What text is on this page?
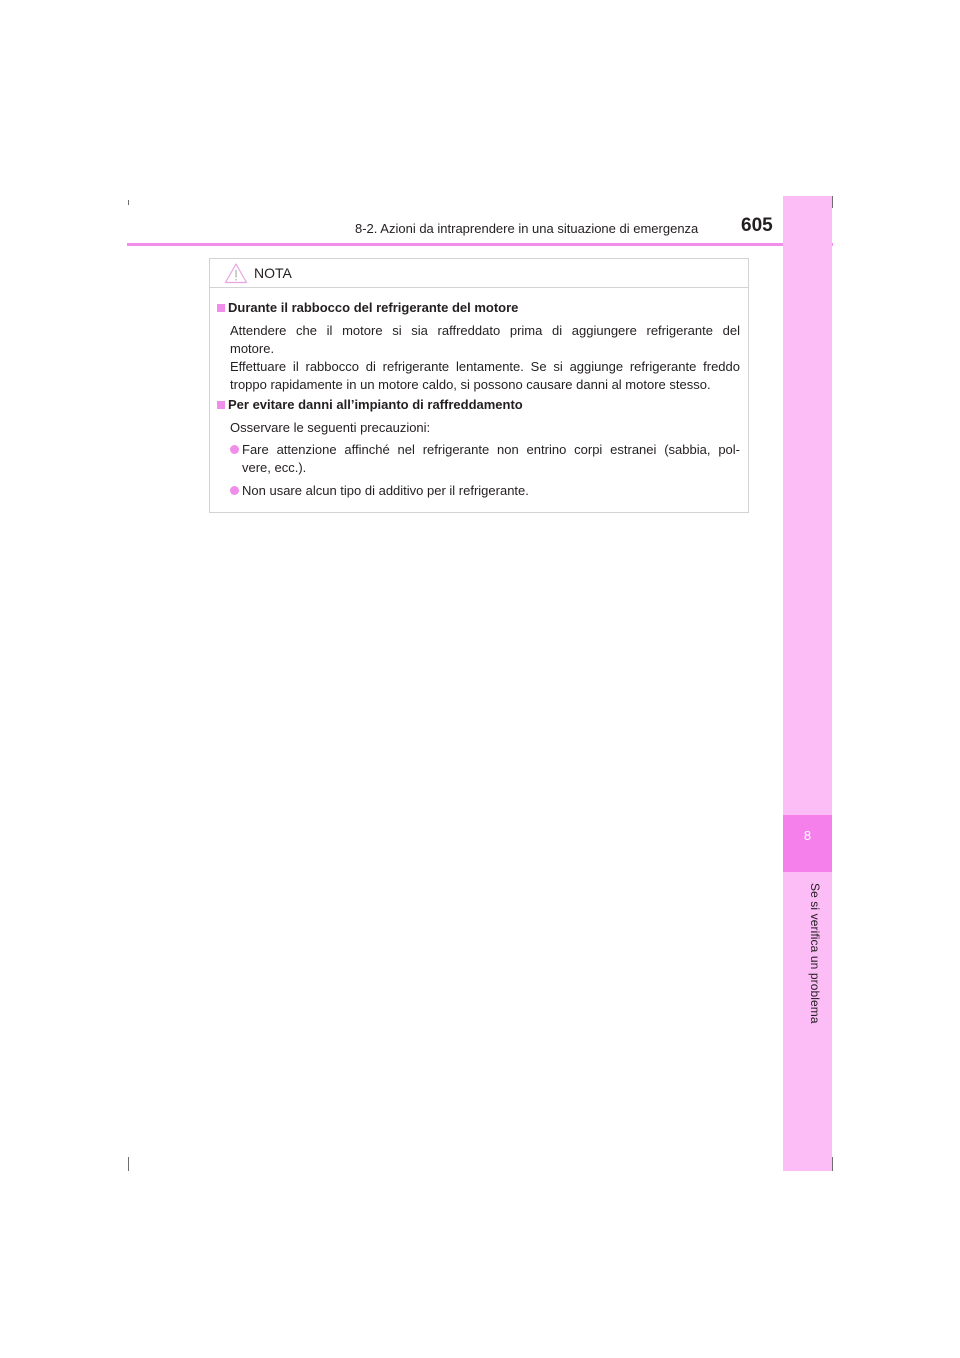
8-2. Azioni da intraprendere in una situazione di emergenza 605
8
Se si verifica un problema
NOTA
Durante il rabbocco del refrigerante del motore
Attendere che il motore si sia raffreddato prima di aggiungere refrigerante del
motore.
Effettuare il rabbocco di refrigerante lentamente. Se si aggiunge refrigerante freddo
troppo rapidamente in un motore caldo, si possono causare danni al motore stesso.
Per evitare danni all’impianto di raffreddamento
Osservare le seguenti precauzioni:
Fare attenzione affinché nel refrigerante non entrino corpi estranei (sabbia, pol-
vere, ecc.).
Non usare alcun tipo di additivo per il refrigerante.
